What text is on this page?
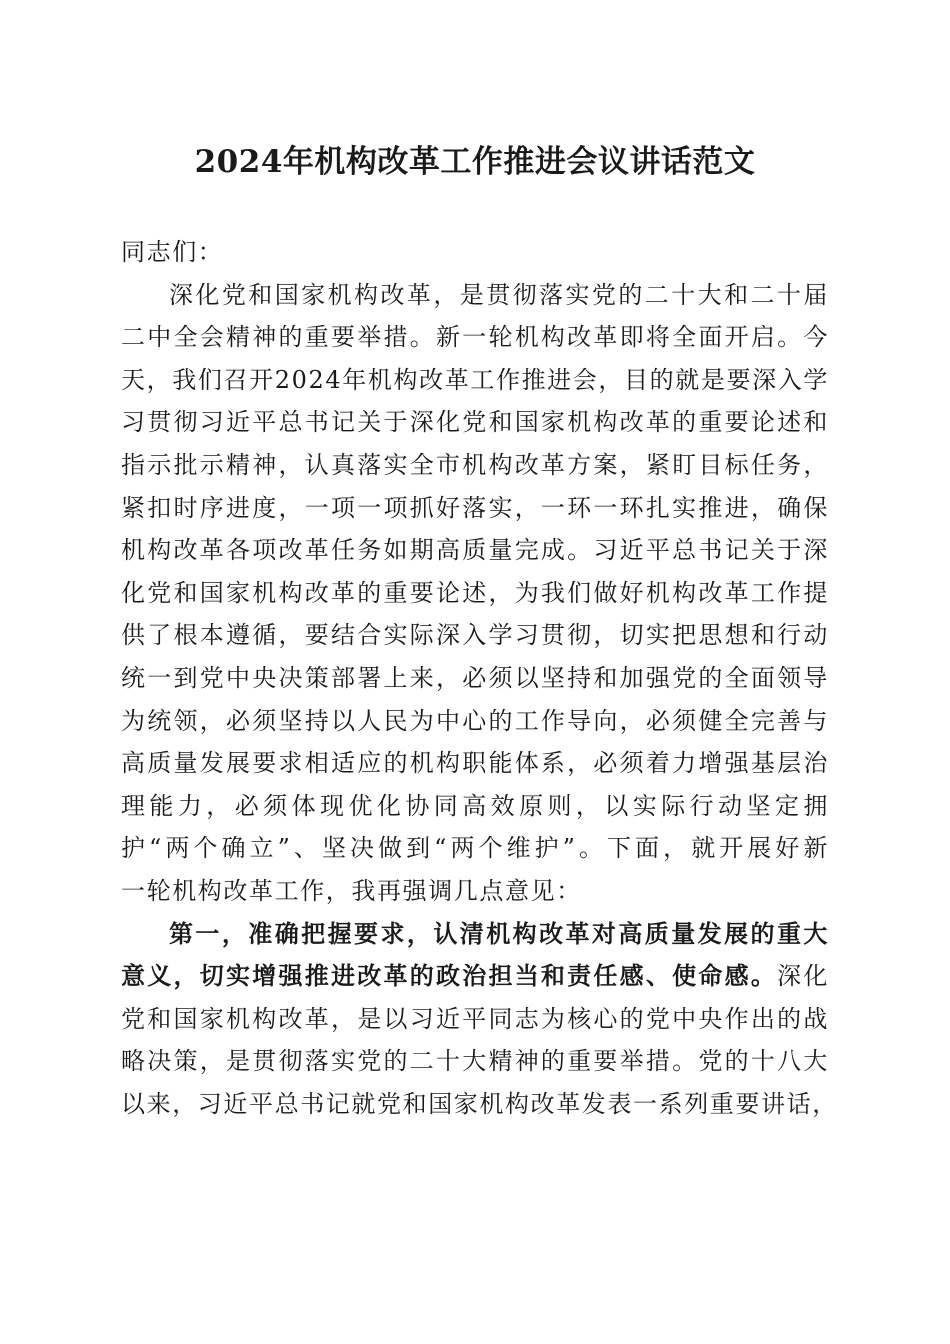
2024年机构改革工作推进会议讲话范文

同志们：

深化党和国家机构改革，是贯彻落实党的二十大和二十届
二中全会精神的重要举措。新一轮机构改革即将全面开启。今
天，我们召开2024年机构改革工作推进会，目的就是要深入学
习贯彻习近平总书记关于深化党和国家机构改革的重要论述和
指示批示精神，认真落实全市机构改革方案，紧盯目标任务，
紧扣时序进度，一项一项抓好落实，一环一环扎实推进，确保
机构改革各项改革任务如期高质量完成。习近平总书记关于深
化党和国家机构改革的重要论述，为我们做好机构改革工作提
供了根本遵循，要结合实际深入学习贯彻，切实把思想和行动
统一到党中央决策部署上来，必须以坚持和加强党的全面领导
为统领，必须坚持以人民为中心的工作导向，必须健全完善与
高质量发展要求相适应的机构职能体系，必须着力增强基层治
理能力，必须体现优化协同高效原则，以实际行动坚定拥
护“两个确立”、坚决做到“两个维护”。下面，就开展好新
一轮机构改革工作，我再强调几点意见：

第一，准确把握要求，认清机构改革对高质量发展的重大
意义，切实增强推进改革的政治担当和责任感、使命感。深化
党和国家机构改革，是以习近平同志为核心的党中央作出的战
略决策，是贯彻落实党的二十大精神的重要举措。党的十八大
以来，习近平总书记就党和国家机构改革发表一系列重要讲话，
